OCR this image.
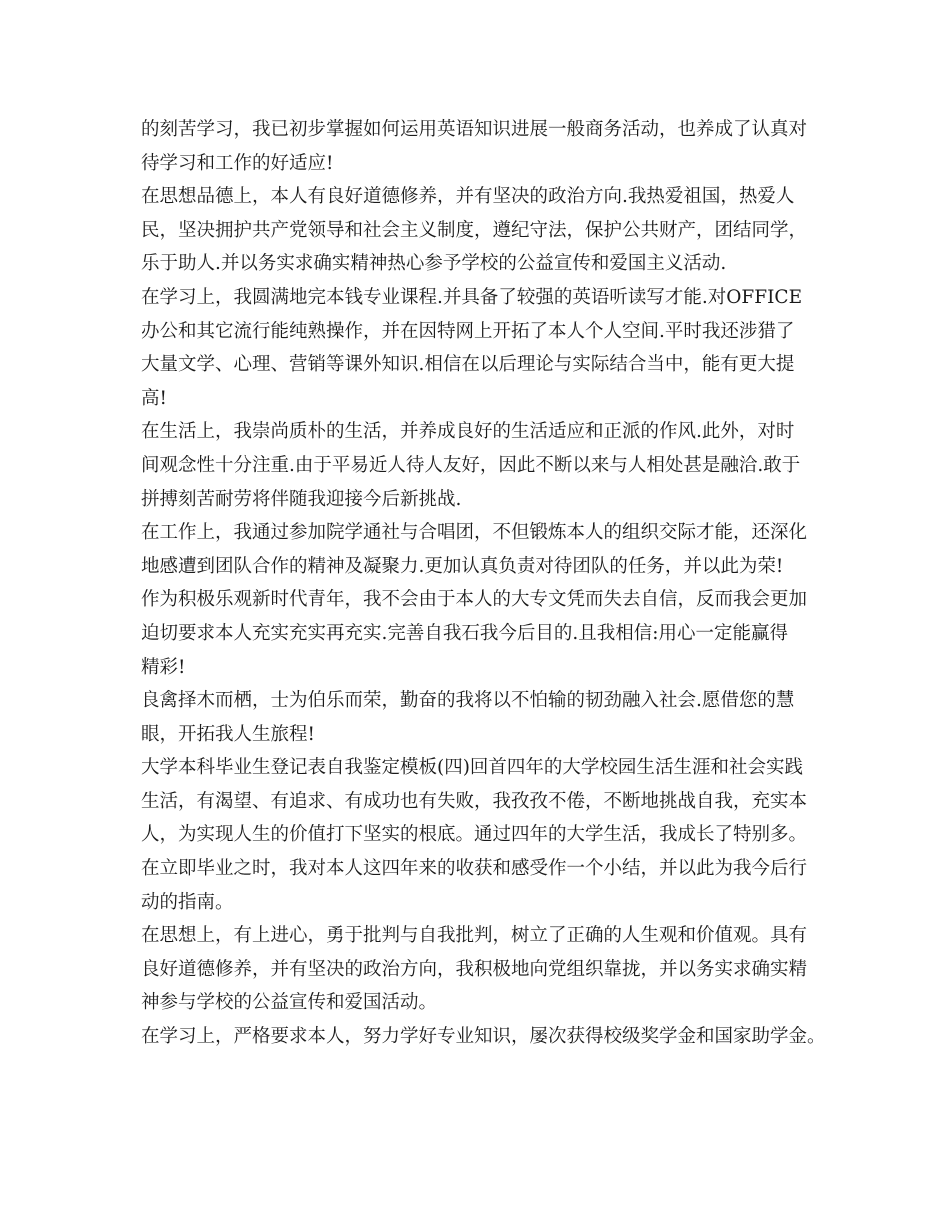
的刻苦学习，我已初步掌握如何运用英语知识进展一般商务活动，也养成了认真对
待学习和工作的好适应!
在思想品德上，本人有良好道德修养，并有坚决的政治方向.我热爱祖国，热爱人
民，坚决拥护共产党领导和社会主义制度，遵纪守法，保护公共财产，团结同学，
乐于助人.并以务实求确实精神热心参予学校的公益宣传和爱国主义活动.
在学习上，我圆满地完本钱专业课程.并具备了较强的英语听读写才能.对OFFICE
办公和其它流行能纯熟操作，并在因特网上开拓了本人个人空间.平时我还涉猎了
大量文学、心理、营销等课外知识.相信在以后理论与实际结合当中，能有更大提
高!
在生活上，我崇尚质朴的生活，并养成良好的生活适应和正派的作风.此外，对时
间观念性十分注重.由于平易近人待人友好，因此不断以来与人相处甚是融洽.敢于
拼搏刻苦耐劳将伴随我迎接今后新挑战.
在工作上，我通过参加院学通社与合唱团，不但锻炼本人的组织交际才能，还深化
地感遭到团队合作的精神及凝聚力.更加认真负责对待团队的任务，并以此为荣!
作为积极乐观新时代青年，我不会由于本人的大专文凭而失去自信，反而我会更加
迫切要求本人充实充实再充实.完善自我石我今后目的.且我相信:用心一定能赢得
精彩!
良禽择木而栖，士为伯乐而荣，勤奋的我将以不怕输的韧劲融入社会.愿借您的慧
眼，开拓我人生旅程!
大学本科毕业生登记表自我鉴定模板(四)回首四年的大学校园生活生涯和社会实践
生活，有渴望、有追求、有成功也有失败，我孜孜不倦，不断地挑战自我，充实本
人，为实现人生的价值打下坚实的根底。通过四年的大学生活，我成长了特别多。
在立即毕业之时，我对本人这四年来的收获和感受作一个小结，并以此为我今后行
动的指南。
在思想上，有上进心，勇于批判与自我批判，树立了正确的人生观和价值观。具有
良好道德修养，并有坚决的政治方向，我积极地向党组织靠拢，并以务实求确实精
神参与学校的公益宣传和爱国活动。
在学习上，严格要求本人，努力学好专业知识，屡次获得校级奖学金和国家助学金。
